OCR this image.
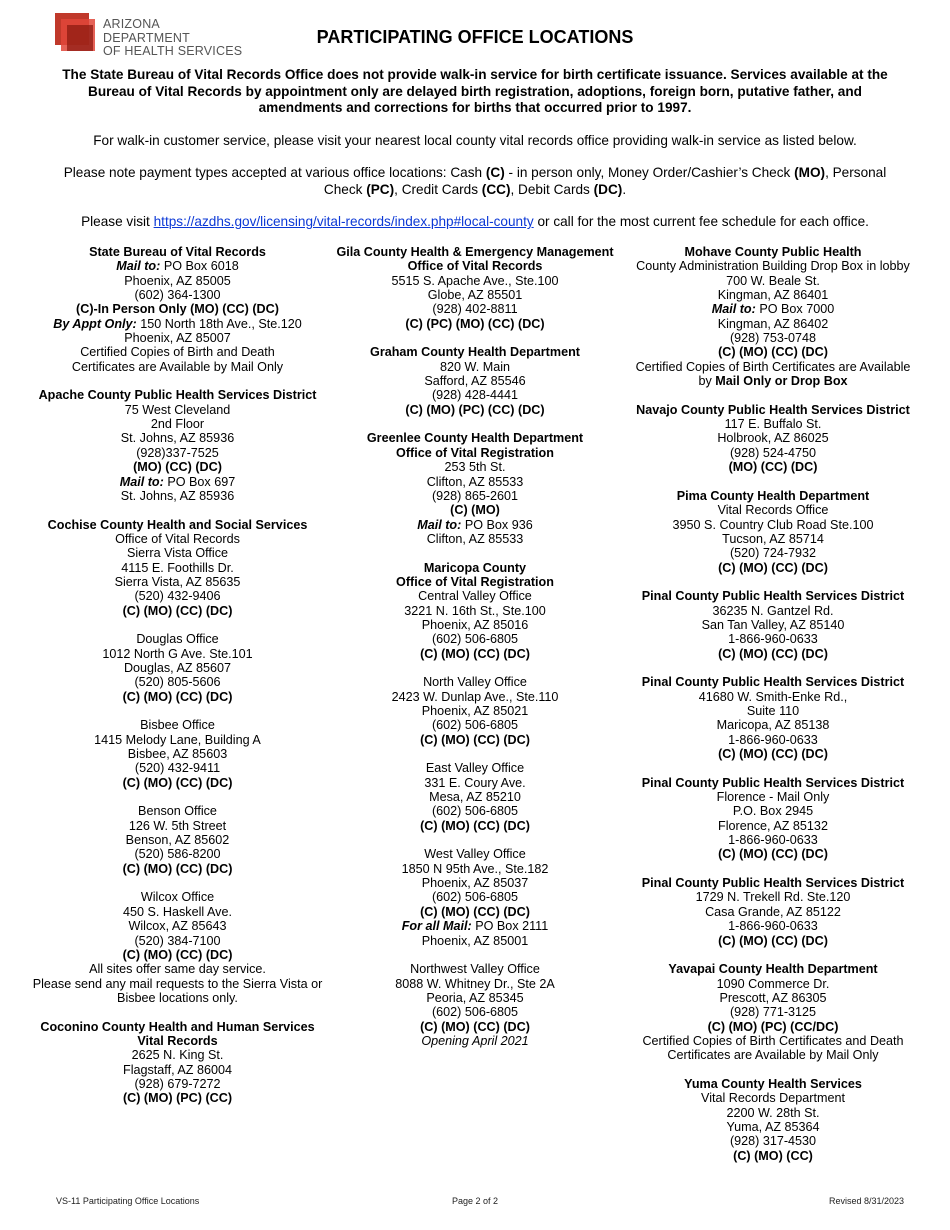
ARIZONA DEPARTMENT
OF HEALTH SERVICES
PARTICIPATING OFFICE LOCATIONS

The State Bureau of Vital Records Office does not provide walk-in service for birth certificate issuance. Services available at the Bureau of Vital Records by appointment only are delayed birth registration, adoptions, foreign born, putative father, and amendments and corrections for births that occurred prior to 1997.

For walk-in customer service, please visit your nearest local county vital records office providing walk-in service as listed below.

Please note payment types accepted at various office locations: Cash (C) - in person only, Money Order/Cashier’s Check (MO), Personal Check (PC), Credit Cards (CC), Debit Cards (DC).

Please visit https://azdhs.gov/licensing/vital-records/index.php#local-county or call for the most current fee schedule for each office.

State Bureau of Vital Records
Mail to: PO Box 6018
Phoenix, AZ 85005
(602) 364-1300
(C)-In Person Only (MO) (CC) (DC)
By Appt Only: 150 North 18th Ave., Ste.120
Phoenix, AZ 85007
Certified Copies of Birth and Death
Certificates are Available by Mail Only
Apache County Public Health Services District
75 West Cleveland
2nd Floor
St. Johns, AZ 85936
(928)337-7525
(MO) (CC) (DC)
Mail to: PO Box 697
St. Johns, AZ 85936
Cochise County Health and Social Services
Office of Vital Records
Sierra Vista Office
4115 E. Foothills Dr.
Sierra Vista, AZ 85635
(520) 432-9406
(C) (MO) (CC) (DC)
Douglas Office
1012 North G Ave. Ste.101
Douglas, AZ 85607
(520) 805-5606
(C) (MO) (CC) (DC)
Bisbee Office
1415 Melody Lane, Building A
Bisbee, AZ 85603
(520) 432-9411
(C) (MO) (CC) (DC)
Benson Office
126 W. 5th Street
Benson, AZ 85602
(520) 586-8200
(C) (MO) (CC) (DC)
Wilcox Office
450 S. Haskell Ave.
Wilcox, AZ 85643
(520) 384-7100
(C) (MO) (CC) (DC)
All sites offer same day service.
Please send any mail requests to the Sierra Vista or
Bisbee locations only.
Coconino County Health and Human Services
Vital Records
2625 N. King St.
Flagstaff, AZ 86004
(928) 679-7272
(C) (MO) (PC) (CC)
Gila County Health & Emergency Management
Office of Vital Records
5515 S. Apache Ave., Ste.100
Globe, AZ 85501
(928) 402-8811
(C) (PC) (MO) (CC) (DC)
Graham County Health Department
820 W. Main
Safford, AZ 85546
(928) 428-4441
(C) (MO) (PC) (CC) (DC)
Greenlee County Health Department
Office of Vital Registration
253 5th St.
Clifton, AZ 85533
(928) 865-2601
(C) (MO)
Mail to: PO Box 936
Clifton, AZ 85533
Maricopa County
Office of Vital Registration
Central Valley Office
3221 N. 16th St., Ste.100
Phoenix, AZ 85016
(602) 506-6805
(C) (MO) (CC) (DC)
North Valley Office
2423 W. Dunlap Ave., Ste.110
Phoenix, AZ 85021
(602) 506-6805
(C) (MO) (CC) (DC)
East Valley Office
331 E. Coury Ave.
Mesa, AZ 85210
(602) 506-6805
(C) (MO) (CC) (DC)
West Valley Office
1850 N 95th Ave., Ste.182
Phoenix, AZ 85037
(602) 506-6805
(C) (MO) (CC) (DC)
For all Mail: PO Box 2111
Phoenix, AZ 85001
Northwest Valley Office
8088 W. Whitney Dr., Ste 2A
Peoria, AZ 85345
(602) 506-6805
(C) (MO) (CC) (DC)
Opening April 2021
Mohave County Public Health
County Administration Building Drop Box in lobby
700 W. Beale St.
Kingman, AZ 86401
Mail to: PO Box 7000
Kingman, AZ 86402
(928) 753-0748
(C) (MO) (CC) (DC)
Certified Copies of Birth Certificates are Available
by Mail Only or Drop Box
Navajo County Public Health Services District
117 E. Buffalo St.
Holbrook, AZ 86025
(928) 524-4750
(MO) (CC) (DC)
Pima County Health Department
Vital Records Office
3950 S. Country Club Road Ste.100
Tucson, AZ 85714
(520) 724-7932
(C) (MO) (CC) (DC)
Pinal County Public Health Services District
36235 N. Gantzel Rd.
San Tan Valley, AZ 85140
1-866-960-0633
(C) (MO) (CC) (DC)
Pinal County Public Health Services District
41680 W. Smith-Enke Rd.,
Suite 110
Maricopa, AZ 85138
1-866-960-0633
(C) (MO) (CC) (DC)
Pinal County Public Health Services District
Florence - Mail Only
P.O. Box 2945
Florence, AZ 85132
1-866-960-0633
(C) (MO) (CC) (DC)
Pinal County Public Health Services District
1729 N. Trekell Rd. Ste.120
Casa Grande, AZ 85122
1-866-960-0633
(C) (MO) (CC) (DC)
Yavapai County Health Department
1090 Commerce Dr.
Prescott, AZ 86305
(928) 771-3125
(C) (MO) (PC) (CC/DC)
Certified Copies of Birth Certificates and Death
Certificates are Available by Mail Only
Yuma County Health Services
Vital Records Department
2200 W. 28th St.
Yuma, AZ 85364
(928) 317-4530
(C) (MO) (CC)
VS-11 Participating Office Locations	Page 2 of 2	Revised 8/31/2023
